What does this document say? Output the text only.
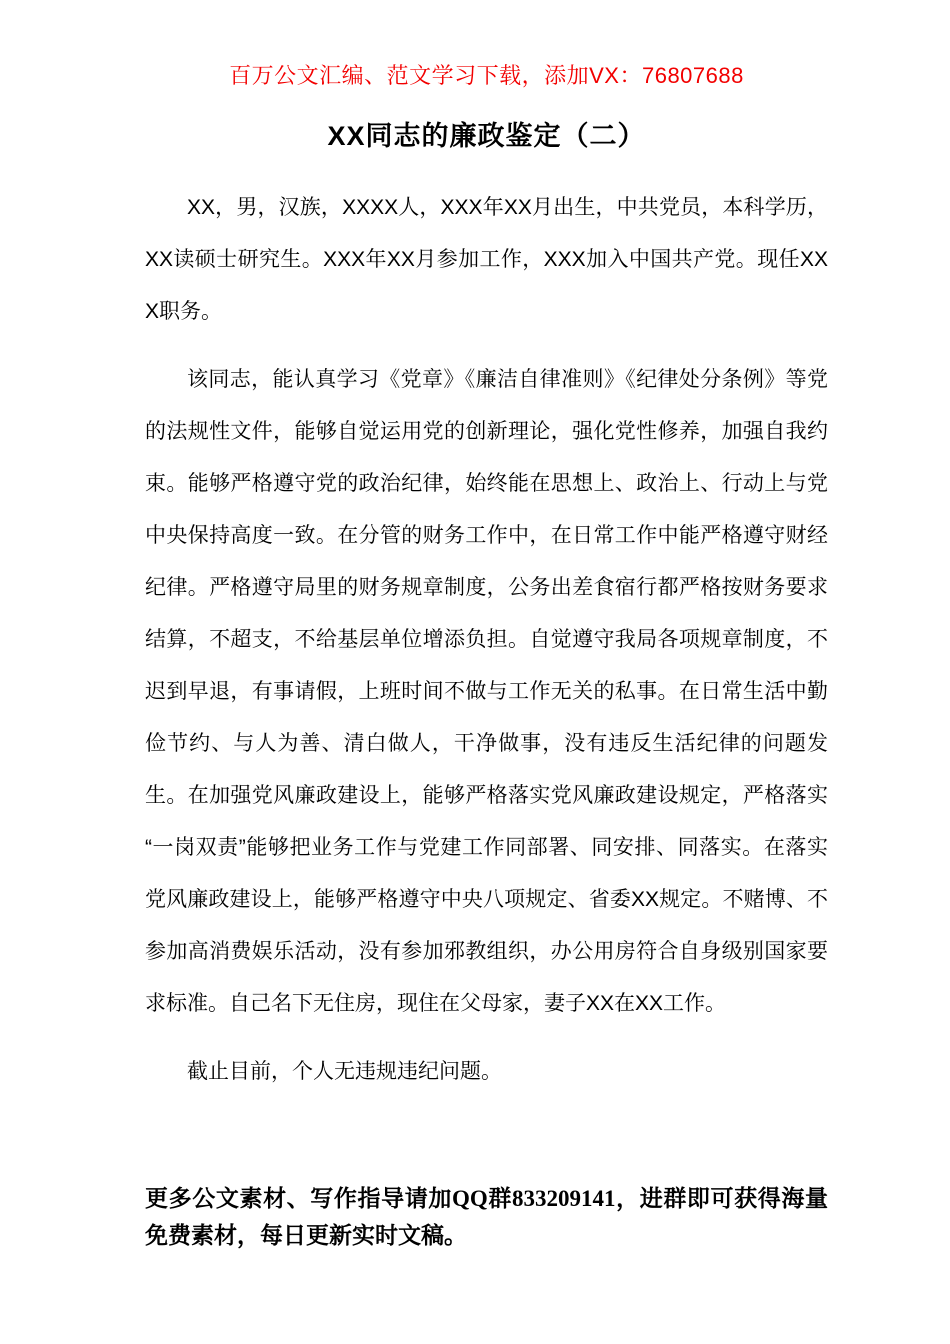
百万公文汇编、范文学习下载，添加VX：76807688
XX同志的廉政鉴定（二）

XX，男，汉族，XXXX人，XXX年XX月出生，中共党员，本科学历，XX读硕士研究生。XXX年XX月参加工作，XXX加入中国共产党。现任XXX职务。

该同志，能认真学习《党章》《廉洁自律准则》《纪律处分条例》等党的法规性文件，能够自觉运用党的创新理论，强化党性修养，加强自我约束。能够严格遵守党的政治纪律，始终能在思想上、政治上、行动上与党中央保持高度一致。在分管的财务工作中，在日常工作中能严格遵守财经纪律。严格遵守局里的财务规章制度，公务出差食宿行都严格按财务要求结算，不超支，不给基层单位增添负担。自觉遵守我局各项规章制度，不迟到早退，有事请假，上班时间不做与工作无关的私事。在日常生活中勤俭节约、与人为善、清白做人，干净做事，没有违反生活纪律的问题发生。在加强党风廉政建设上，能够严格落实党风廉政建设规定，严格落实“一岗双责”能够把业务工作与党建工作同部署、同安排、同落实。在落实党风廉政建设上，能够严格遵守中央八项规定、省委XX规定。不赌博、不参加高消费娱乐活动，没有参加邪教组织，办公用房符合自身级别国家要求标准。自己名下无住房，现住在父母家，妻子XX在XX工作。

截止目前，个人无违规违纪问题。

更多公文素材、写作指导请加QQ群833209141，进群即可获得海量免费素材，每日更新实时文稿。
